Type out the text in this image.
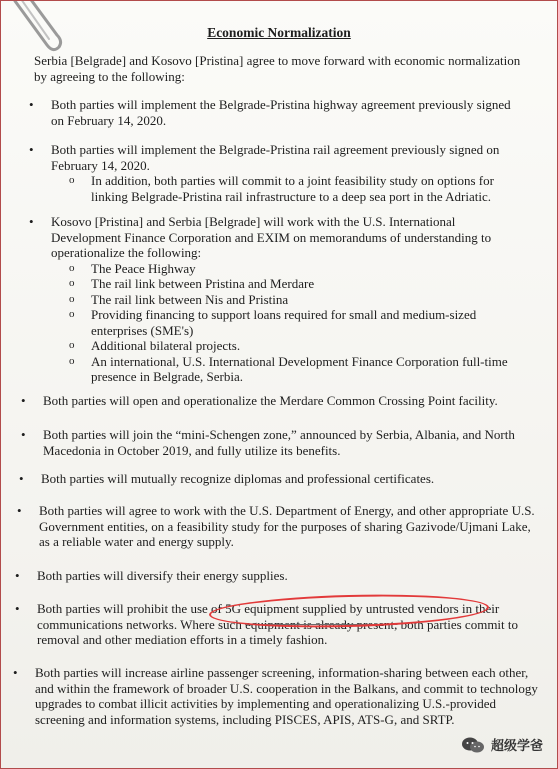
Economic Normalization
Serbia [Belgrade] and Kosovo [Pristina] agree to move forward with economic normalization by agreeing to the following:
• Both parties will implement the Belgrade-Pristina highway agreement previously signed on February 14, 2020.
• Both parties will implement the Belgrade-Pristina rail agreement previously signed on February 14, 2020.
o In addition, both parties will commit to a joint feasibility study on options for linking Belgrade-Pristina rail infrastructure to a deep sea port in the Adriatic.
• Kosovo [Pristina] and Serbia [Belgrade] will work with the U.S. International Development Finance Corporation and EXIM on memorandums of understanding to operationalize the following:
o The Peace Highway
o The rail link between Pristina and Merdare
o The rail link between Nis and Pristina
o Providing financing to support loans required for small and medium-sized enterprises (SME's)
o Additional bilateral projects.
o An international, U.S. International Development Finance Corporation full-time presence in Belgrade, Serbia.
• Both parties will open and operationalize the Merdare Common Crossing Point facility.
• Both parties will join the “mini-Schengen zone,” announced by Serbia, Albania, and North Macedonia in October 2019, and fully utilize its benefits.
• Both parties will mutually recognize diplomas and professional certificates.
• Both parties will agree to work with the U.S. Department of Energy, and other appropriate U.S. Government entities, on a feasibility study for the purposes of sharing Gazivode/Ujmani Lake, as a reliable water and energy supply.
• Both parties will diversify their energy supplies.
• Both parties will prohibit the use of 5G equipment supplied by untrusted vendors in their communications networks. Where such equipment is already present, both parties commit to removal and other mediation efforts in a timely fashion.
• Both parties will increase airline passenger screening, information-sharing between each other, and within the framework of broader U.S. cooperation in the Balkans, and commit to technology upgrades to combat illicit activities by implementing and operationalizing U.S.-provided screening and information systems, including PISCES, APIS, ATS-G, and SRTP.
超级学爸
